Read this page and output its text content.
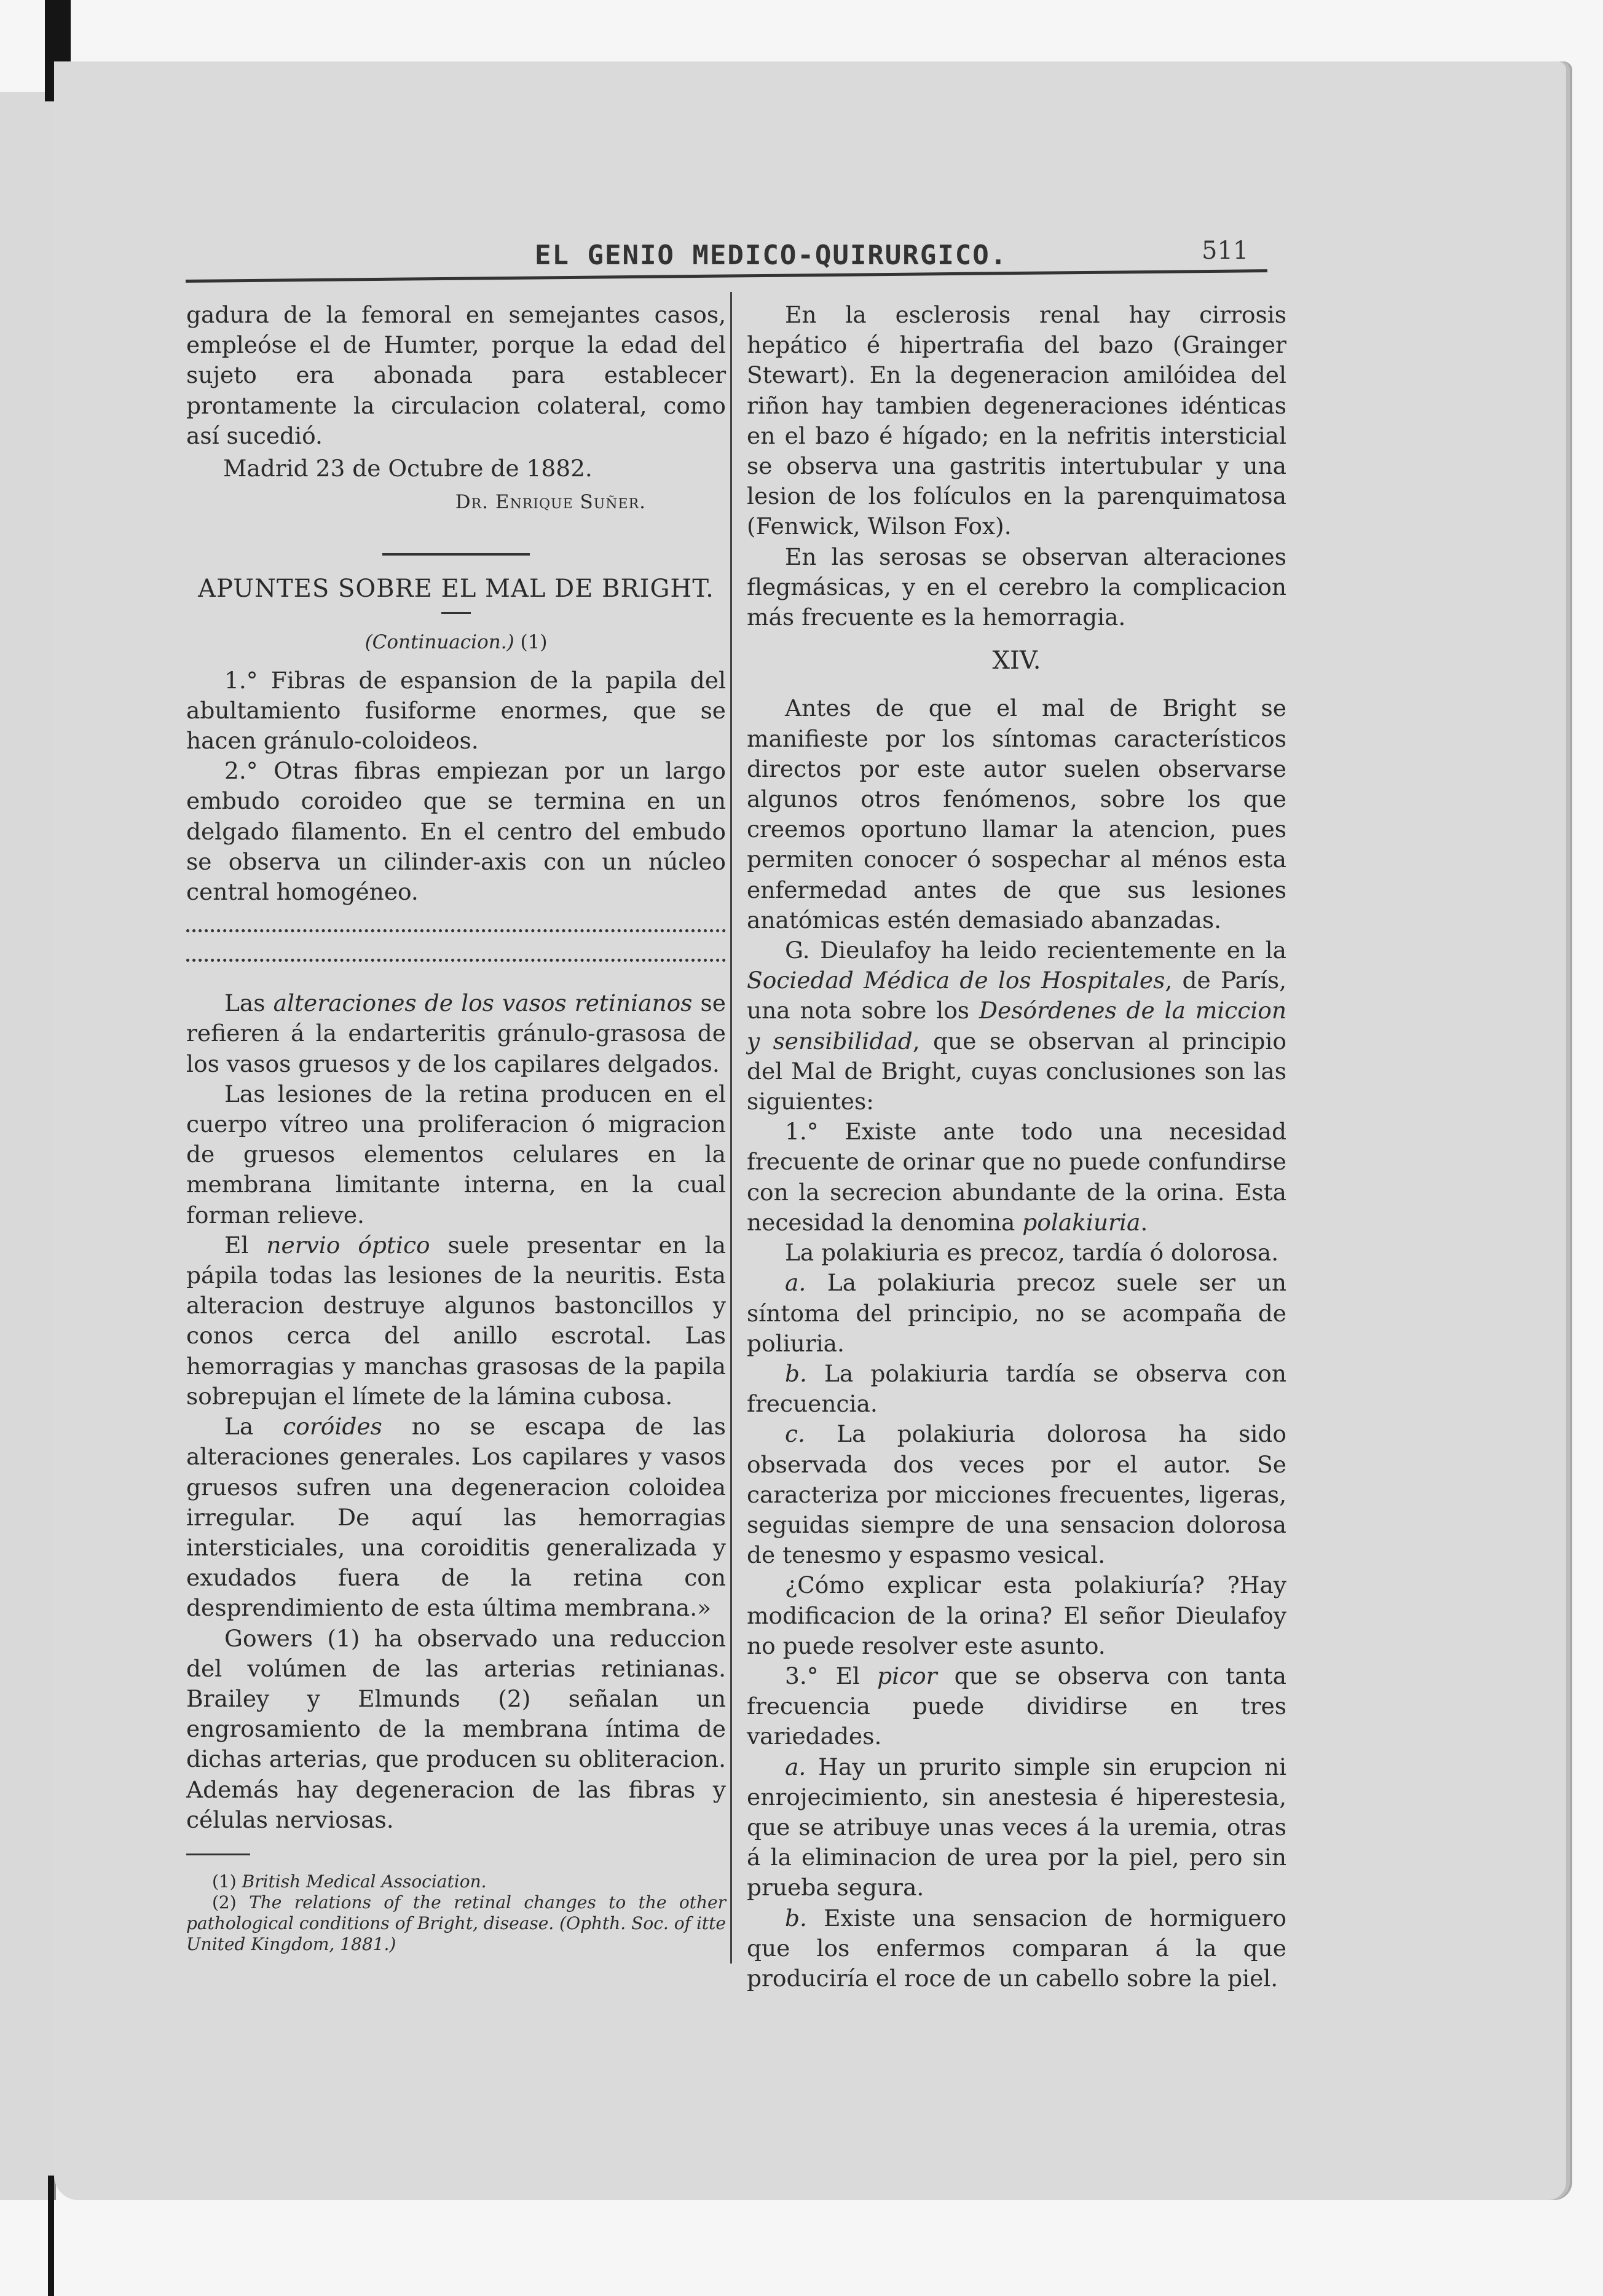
EL GENIO MEDICO-QUIRURGICO.	511

gadura de la femoral en semejantes casos, empleóse el de Humter, porque la edad del sujeto era abonada para establecer prontamente la circulacion colateral, como así sucedió.

Madrid 23 de Octubre de 1882.

Dr. Enrique Suñer.
APUNTES SOBRE EL MAL DE BRIGHT.
(Continuacion.) (1)

1.° Fibras de espansion de la papila del abultamiento fusiforme enormes, que se hacen gránulo-coloideos.

2.° Otras fibras empiezan por un largo embudo coroideo que se termina en un delgado filamento. En el centro del embudo se observa un cilinder-axis con un núcleo central homogéneo.

Las alteraciones de los vasos retinianos se refieren á la endarteritis gránulo-grasosa de los vasos gruesos y de los capilares delgados.

Las lesiones de la retina producen en el cuerpo vítreo una proliferacion ó migracion de gruesos elementos celulares en la membrana limitante interna, en la cual forman relieve.

El nervio óptico suele presentar en la pápila todas las lesiones de la neuritis. Esta alteracion destruye algunos bastoncillos y conos cerca del anillo escrotal. Las hemorragias y manchas grasosas de la papila sobrepujan el límete de la lámina cubosa.

La coróides no se escapa de las alteraciones generales. Los capilares y vasos gruesos sufren una degeneracion coloidea irregular. De aquí las hemorragias intersticiales, una coroiditis generalizada y exudados fuera de la retina con desprendimiento de esta última membrana.»

Gowers (1) ha observado una reduccion del volúmen de las arterias retinianas. Brailey y Elmunds (2) señalan un engrosamiento de la membrana íntima de dichas arterias, que producen su obliteracion. Además hay degeneracion de las fibras y células nerviosas.

(1) British Medical Association.

(2) The relations of the retinal changes to the other pathological conditions of Bright, disease. (Ophth. Soc. of itte United Kingdom, 1881.)

En la esclerosis renal hay cirrosis hepático é hipertrafia del bazo (Grainger Stewart). En la degeneracion amilóidea del riñon hay tambien degeneraciones idénticas en el bazo é hígado; en la nefritis intersticial se observa una gastritis intertubular y una lesion de los folículos en la parenquimatosa (Fenwick, Wilson Fox).

En las serosas se observan alteraciones flegmásicas, y en el cerebro la complicacion más frecuente es la hemorragia.

XIV.

Antes de que el mal de Bright se manifieste por los síntomas característicos directos por este autor suelen observarse algunos otros fenómenos, sobre los que creemos oportuno llamar la atencion, pues permiten conocer ó sospechar al ménos esta enfermedad antes de que sus lesiones anatómicas estén demasiado abanzadas.

G. Dieulafoy ha leido recientemente en la Sociedad Médica de los Hospitales, de París, una nota sobre los Desórdenes de la miccion y sensibilidad, que se observan al principio del Mal de Bright, cuyas conclusiones son las siguientes:

1.° Existe ante todo una necesidad frecuente de orinar que no puede confundirse con la secrecion abundante de la orina. Esta necesidad la denomina polakiuria.

La polakiuria es precoz, tardía ó dolorosa.

a. La polakiuria precoz suele ser un síntoma del principio, no se acompaña de poliuria.

b. La polakiuria tardía se observa con frecuencia.

c. La polakiuria dolorosa ha sido observada dos veces por el autor. Se caracteriza por micciones frecuentes, ligeras, seguidas siempre de una sensacion dolorosa de tenesmo y espasmo vesical.

¿Cómo explicar esta polakiuría? ?Hay modificacion de la orina? El señor Dieulafoy no puede resolver este asunto.

3.° El picor que se observa con tanta frecuencia puede dividirse en tres variedades.

a. Hay un prurito simple sin erupcion ni enrojecimiento, sin anestesia é hiperestesia, que se atribuye unas veces á la uremia, otras á la eliminacion de urea por la piel, pero sin prueba segura.

b. Existe una sensacion de hormiguero que los enfermos comparan á la que produciría el roce de un cabello sobre la piel.
